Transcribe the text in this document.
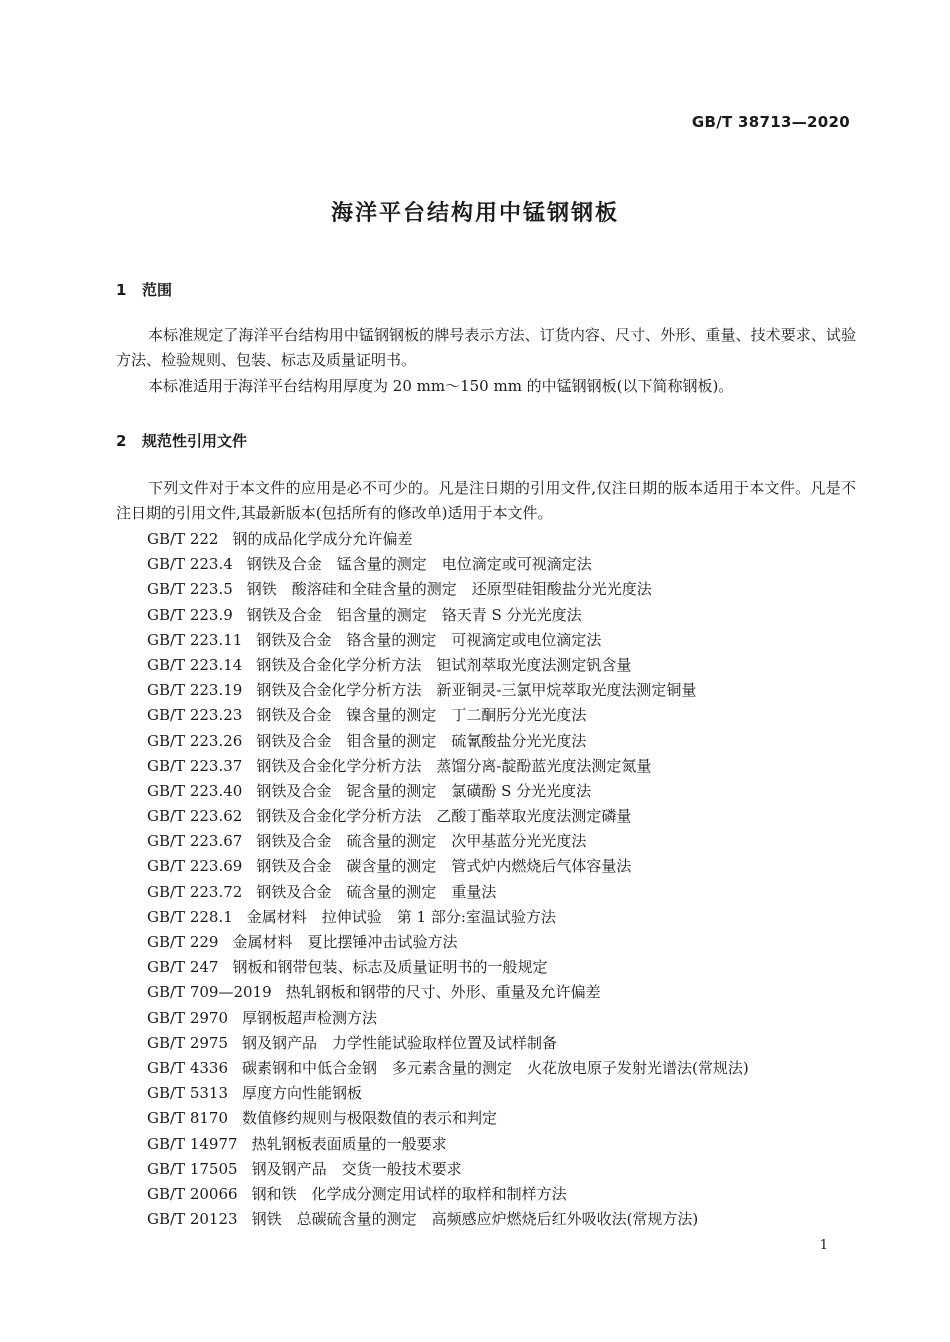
GB/T 38713—2020
海洋平台结构用中锰钢钢板
1 范围

本标准规定了海洋平台结构用中锰钢钢板的牌号表示方法、订货内容、尺寸、外形、重量、技术要求、试验方法、检验规则、包装、标志及质量证明书。

本标准适用于海洋平台结构用厚度为 20 mm～150 mm 的中锰钢钢板(以下简称钢板)。

2 规范性引用文件

下列文件对于本文件的应用是必不可少的。凡是注日期的引用文件,仅注日期的版本适用于本文件。凡是不注日期的引用文件,其最新版本(包括所有的修改单)适用于本文件。

GB/T 222 钢的成品化学成分允许偏差
GB/T 223.4 钢铁及合金　锰含量的测定　电位滴定或可视滴定法
GB/T 223.5 钢铁　酸溶硅和全硅含量的测定　还原型硅钼酸盐分光光度法
GB/T 223.9 钢铁及合金　铝含量的测定　铬天青 S 分光光度法
GB/T 223.11 钢铁及合金　铬含量的测定　可视滴定或电位滴定法
GB/T 223.14 钢铁及合金化学分析方法　钽试剂萃取光度法测定钒含量
GB/T 223.19 钢铁及合金化学分析方法　新亚铜灵-三氯甲烷萃取光度法测定铜量
GB/T 223.23 钢铁及合金　镍含量的测定　丁二酮肟分光光度法
GB/T 223.26 钢铁及合金　钼含量的测定　硫氰酸盐分光光度法
GB/T 223.37 钢铁及合金化学分析方法　蒸馏分离-靛酚蓝光度法测定氮量
GB/T 223.40 钢铁及合金　铌含量的测定　氯磺酚 S 分光光度法
GB/T 223.62 钢铁及合金化学分析方法　乙酸丁酯萃取光度法测定磷量
GB/T 223.67 钢铁及合金　硫含量的测定　次甲基蓝分光光度法
GB/T 223.69 钢铁及合金　碳含量的测定　管式炉内燃烧后气体容量法
GB/T 223.72 钢铁及合金　硫含量的测定　重量法
GB/T 228.1 金属材料　拉伸试验　第 1 部分:室温试验方法
GB/T 229 金属材料　夏比摆锤冲击试验方法
GB/T 247 钢板和钢带包装、标志及质量证明书的一般规定
GB/T 709—2019 热轧钢板和钢带的尺寸、外形、重量及允许偏差
GB/T 2970 厚钢板超声检测方法
GB/T 2975 钢及钢产品　力学性能试验取样位置及试样制备
GB/T 4336 碳素钢和中低合金钢　多元素含量的测定　火花放电原子发射光谱法(常规法)
GB/T 5313 厚度方向性能钢板
GB/T 8170 数值修约规则与极限数值的表示和判定
GB/T 14977 热轧钢板表面质量的一般要求
GB/T 17505 钢及钢产品　交货一般技术要求
GB/T 20066 钢和铁　化学成分测定用试样的取样和制样方法
GB/T 20123 钢铁　总碳硫含量的测定　高频感应炉燃烧后红外吸收法(常规方法)
1
